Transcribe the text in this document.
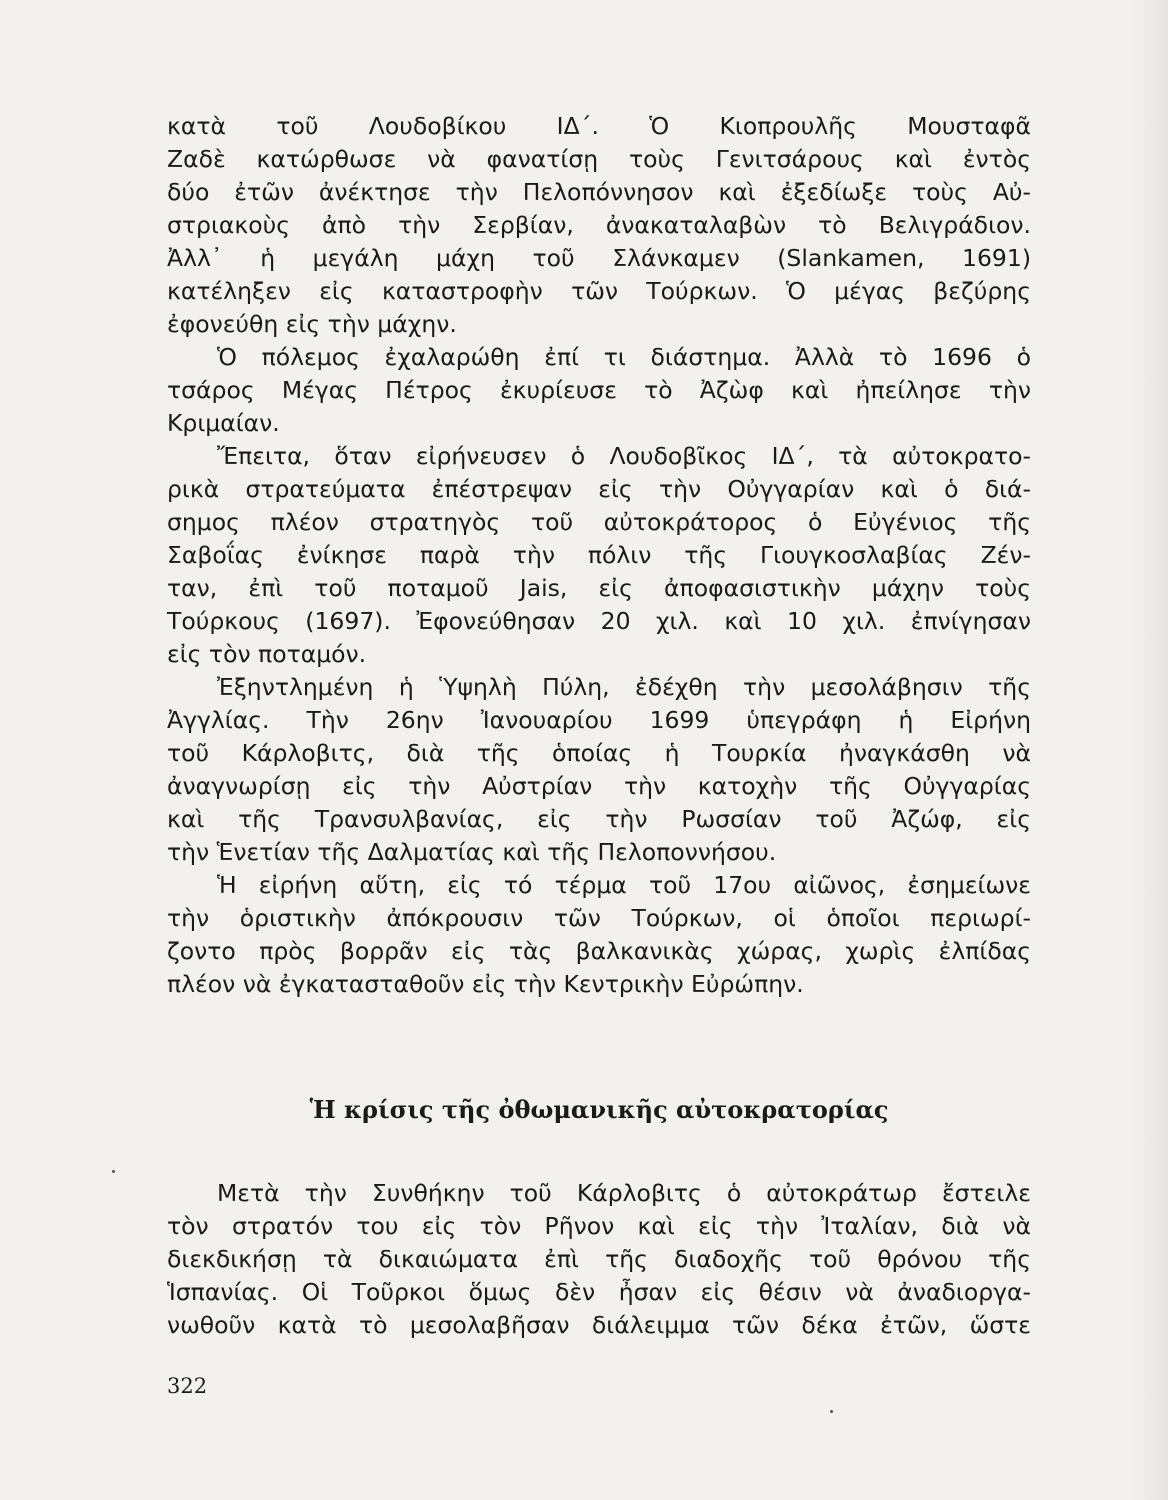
κατὰ τοῦ Λουδοβίκου ΙΔ΄. Ὁ Κιοπρουλῆς Μουσταφᾶ
Ζαδὲ κατώρθωσε νὰ φανατίσῃ τοὺς Γενιτσάρους καὶ ἐντὸς
δύο ἐτῶν ἀνέκτησε τὴν Πελοπόννησον καὶ ἐξεδίωξε τοὺς Αὐ-
στριακοὺς ἀπὸ τὴν Σερβίαν, ἀνακαταλαβὼν τὸ Βελιγράδιον.
Ἀλλ᾽ ἡ μεγάλη μάχη τοῦ Σλάνκαμεν (Slankamen, 1691)
κατέληξεν εἰς καταστροφὴν τῶν Τούρκων. Ὁ μέγας βεζύρης
ἐφονεύθη εἰς τὴν μάχην.
Ὁ πόλεμος ἐχαλαρώθη ἐπί τι διάστημα. Ἀλλὰ τὸ 1696 ὁ
τσάρος Μέγας Πέτρος ἐκυρίευσε τὸ Ἀζὼφ καὶ ἠπείλησε τὴν
Κριμαίαν.
Ἔπειτα, ὅταν εἰρήνευσεν ὁ Λουδοβῖκος ΙΔ΄, τὰ αὐτοκρατο-
ρικὰ στρατεύματα ἐπέστρεψαν εἰς τὴν Οὐγγαρίαν καὶ ὁ διά-
σημος πλέον στρατηγὸς τοῦ αὐτοκράτορος ὁ Εὐγένιος τῆς
Σαβοΐας ἐνίκησε παρὰ τὴν πόλιν τῆς Γιουγκοσλαβίας Ζέν-
ταν, ἐπὶ τοῦ ποταμοῦ Jais, εἰς ἀποφασιστικὴν μάχην τοὺς
Τούρκους (1697). Ἐφονεύθησαν 20 χιλ. καὶ 10 χιλ. ἐπνίγησαν
εἰς τὸν ποταμόν.
Ἐξηντλημένη ἡ Ὑψηλὴ Πύλη, ἐδέχθη τὴν μεσολάβησιν τῆς
Ἀγγλίας. Τὴν 26ην Ἰανουαρίου 1699 ὑπεγράφη ἡ Εἰρήνη
τοῦ Κάρλοβιτς, διὰ τῆς ὁποίας ἡ Τουρκία ἠναγκάσθη νὰ
ἀναγνωρίσῃ εἰς τὴν Αὐστρίαν τὴν κατοχὴν τῆς Οὐγγαρίας
καὶ τῆς Τρανσυλβανίας, εἰς τὴν Ρωσσίαν τοῦ Ἀζώφ, εἰς
τὴν Ἑνετίαν τῆς Δαλματίας καὶ τῆς Πελοποννήσου.
Ἡ εἰρήνη αὕτη, εἰς τό τέρμα τοῦ 17ου αἰῶνος, ἐσημείωνε
τὴν ὁριστικὴν ἀπόκρουσιν τῶν Τούρκων, οἱ ὁποῖοι περιωρί-
ζοντο πρὸς βορρᾶν εἰς τὰς βαλκανικὰς χώρας, χωρὶς ἐλπίδας
πλέον νὰ ἐγκατασταθοῦν εἰς τὴν Κεντρικὴν Εὐρώπην.
Ἡ κρίσις τῆς ὀθωμανικῆς αὐτοκρατορίας
Μετὰ τὴν Συνθήκην τοῦ Κάρλοβιτς ὁ αὐτοκράτωρ ἔστειλε
τὸν στρατόν του εἰς τὸν Ρῆνον καὶ εἰς τὴν Ἰταλίαν, διὰ νὰ
διεκδικήσῃ τὰ δικαιώματα ἐπὶ τῆς διαδοχῆς τοῦ θρόνου τῆς
Ἱσπανίας. Οἱ Τοῦρκοι ὅμως δὲν ἦσαν εἰς θέσιν νὰ ἀναδιοργα-
νωθοῦν κατὰ τὸ μεσολαβῆσαν διάλειμμα τῶν δέκα ἐτῶν, ὥστε
322
